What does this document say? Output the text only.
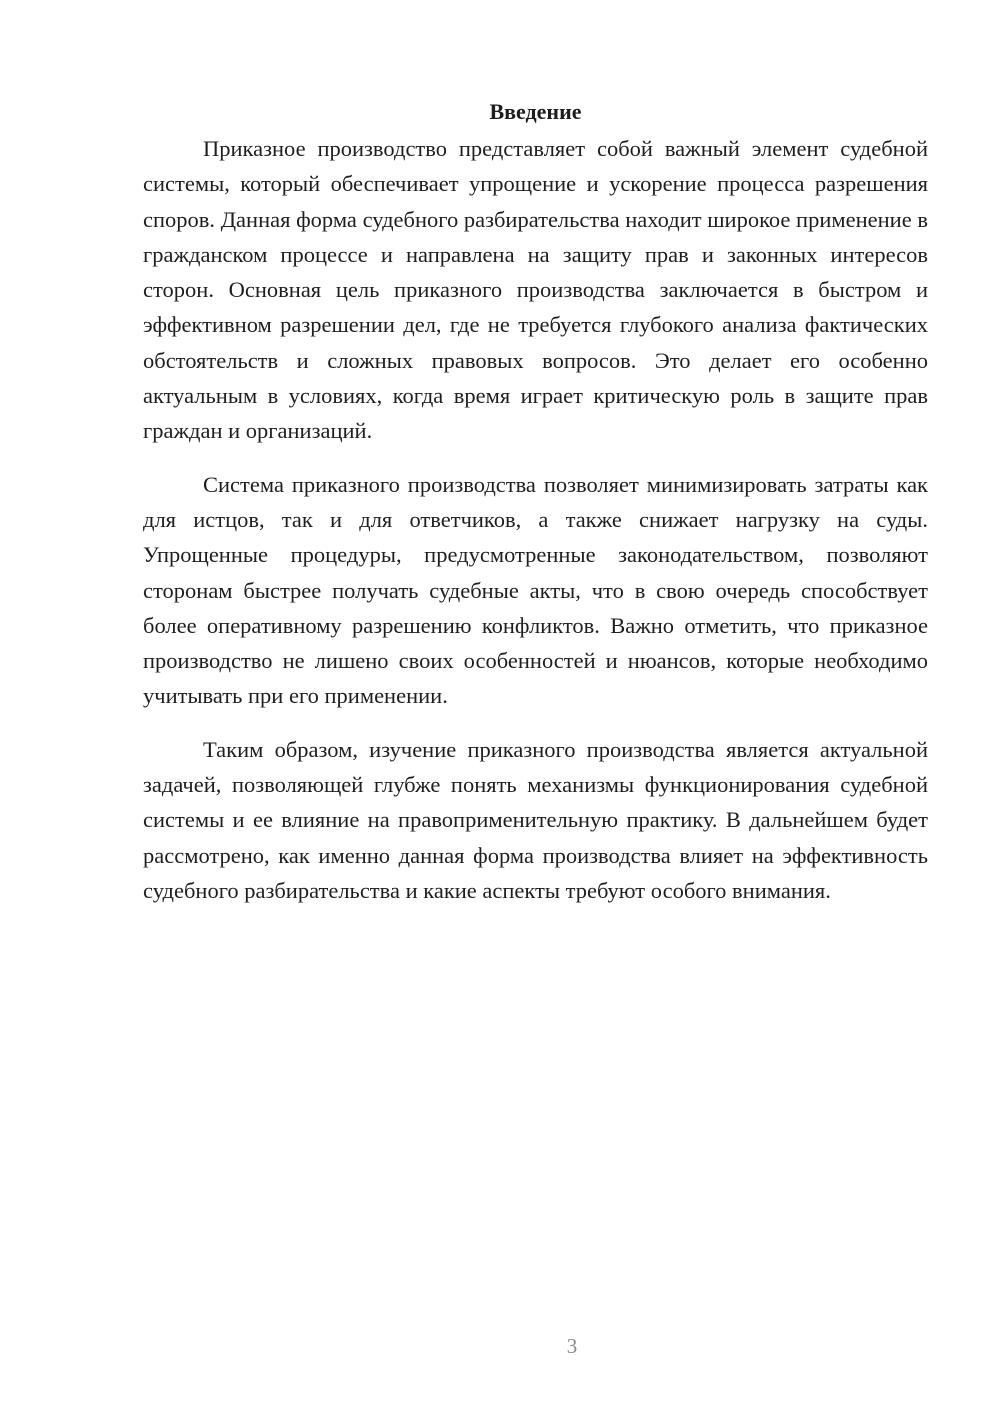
Введение

Приказное производство представляет собой важный элемент судебной системы, который обеспечивает упрощение и ускорение процесса разрешения споров. Данная форма судебного разбирательства находит широкое применение в гражданском процессе и направлена на защиту прав и законных интересов сторон. Основная цель приказного производства заключается в быстром и эффективном разрешении дел, где не требуется глубокого анализа фактических обстоятельств и сложных правовых вопросов. Это делает его особенно актуальным в условиях, когда время играет критическую роль в защите прав граждан и организаций.

Система приказного производства позволяет минимизировать затраты как для истцов, так и для ответчиков, а также снижает нагрузку на суды. Упрощенные процедуры, предусмотренные законодательством, позволяют сторонам быстрее получать судебные акты, что в свою очередь способствует более оперативному разрешению конфликтов. Важно отметить, что приказное производство не лишено своих особенностей и нюансов, которые необходимо учитывать при его применении.

Таким образом, изучение приказного производства является актуальной задачей, позволяющей глубже понять механизмы функционирования судебной системы и ее влияние на правоприменительную практику. В дальнейшем будет рассмотрено, как именно данная форма производства влияет на эффективность судебного разбирательства и какие аспекты требуют особого внимания.

3
